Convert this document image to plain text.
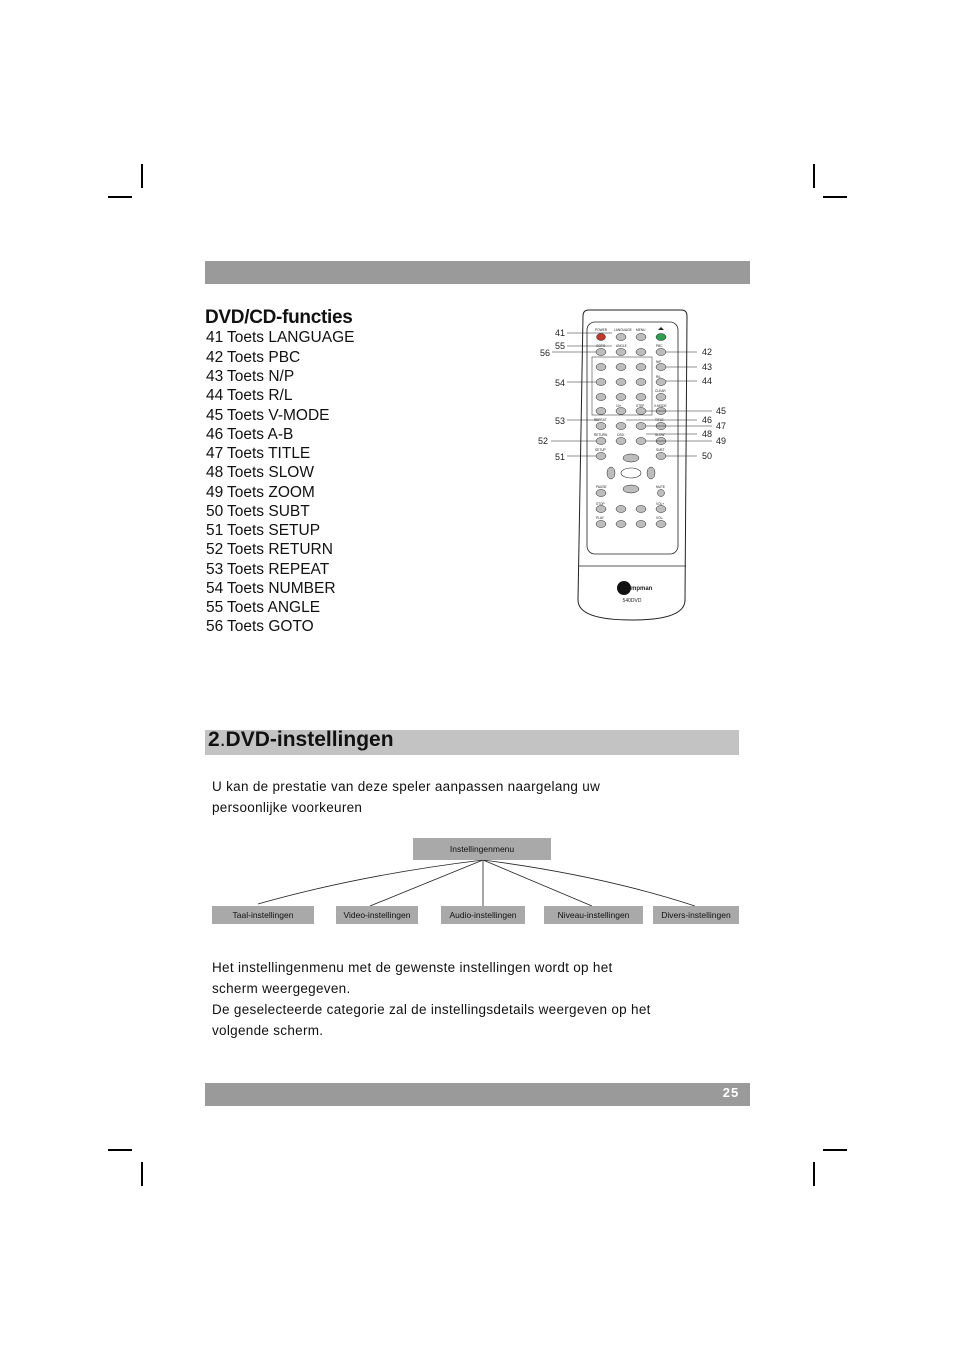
DVD/CD-functies
41 Toets LANGUAGE
42 Toets PBC
43 Toets N/P
44 Toets R/L
45 Toets V-MODE
46 Toets A-B
47 Toets TITLE
48 Toets SLOW
49 Toets ZOOM
50 Toets SUBT
51 Toets SETUP
52 Toets RETURN
53 Toets REPEAT
54 Toets NUMBER
55 Toets ANGLE
56 Toets GOTO
mpman
540DVD
POWER LANGUAGE MENU
GOTO	ANGLE	PBC
N/P
R/L
CLEAR
10+	STEP	V-MODE
REPEAT	TITLE
RETURN	OSD	SLOW
SETUP	SUBT
PAUSE	MUTE
STOP
PLAY
VOL+
VOL-
41
55
56
54
53
52
51
42
43
44
45
46
47
48
49
50
2.DVD-instellingen

U kan de prestatie van deze speler aanpassen naargelang uw
persoonlijke voorkeuren

Instellingenmenu
Taal-instellingen	Video-instellingen	Audio-instellingen	Niveau-instellingen	Divers-instellingen

Het instellingenmenu met de gewenste instellingen wordt op het
scherm weergegeven.
De geselecteerde categorie zal de instellingsdetails weergeven op het
volgende scherm.

25
